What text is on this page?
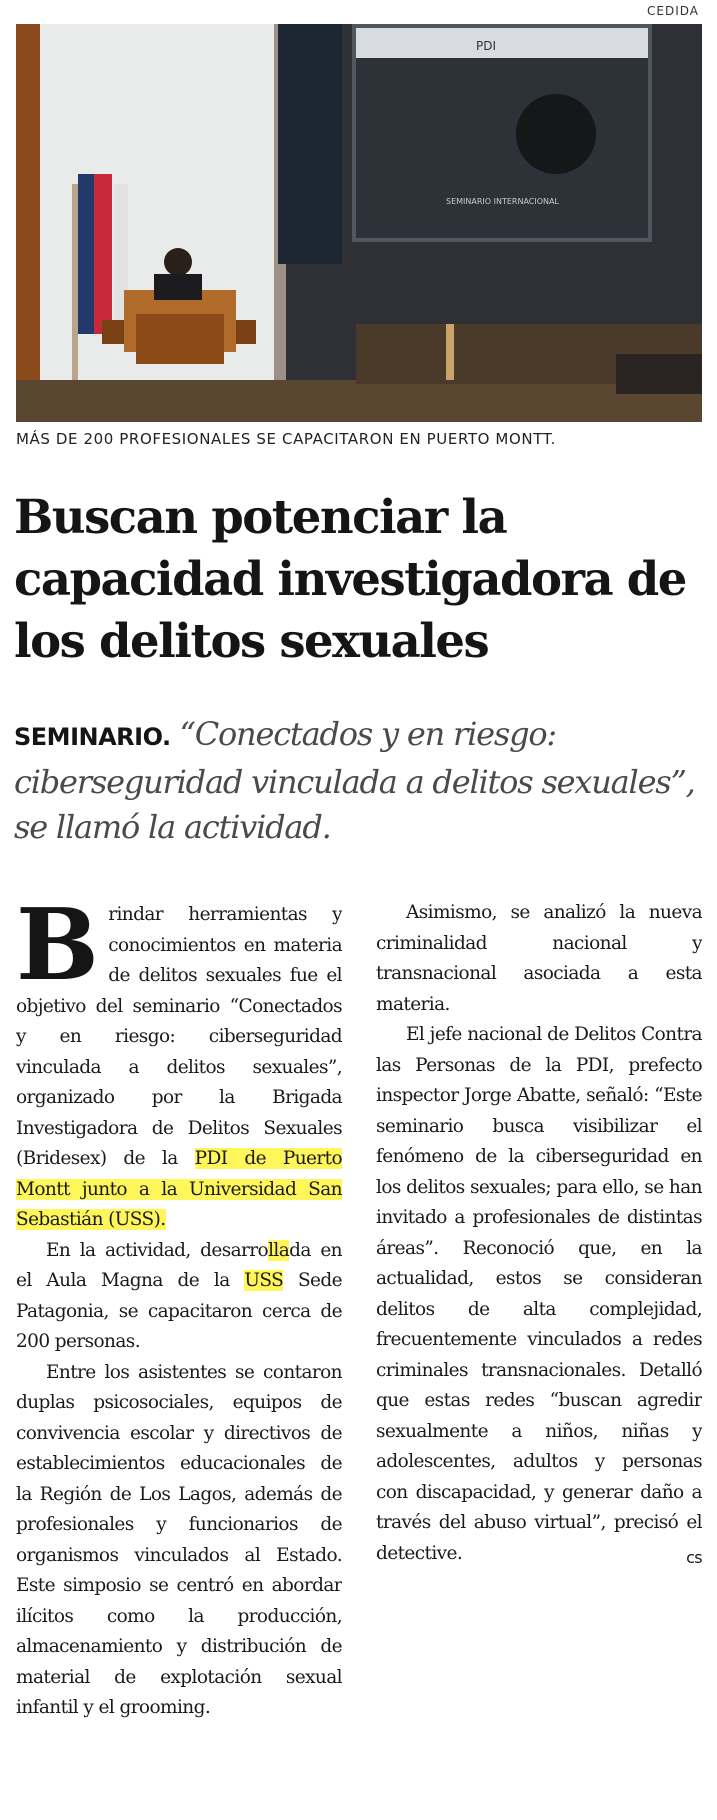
CEDIDA
PDI
SEMINARIO INTERNACIONAL
MÁS DE 200 PROFESIONALES SE CAPACITARON EN PUERTO MONTT.
Buscan potenciar la capacidad investigadora de los delitos sexuales

SEMINARIO. “Conectados y en riesgo: ciberseguridad vinculada a delitos sexuales”, se llamó la actividad.

Brindar herramientas y conocimientos en materia de delitos sexuales fue el objetivo del seminario “Conectados y en riesgo: ciberseguridad vinculada a delitos sexuales”, organizado por la Brigada Investigadora de Delitos Sexuales (Bridesex) de la PDI de Puerto Montt junto a la Universidad San Sebastián (USS).

En la actividad, desarrollada en el Aula Magna de la USS Sede Patagonia, se capacitaron cerca de 200 personas.

Entre los asistentes se contaron duplas psicosociales, equipos de convivencia escolar y directivos de establecimientos educacionales de la Región de Los Lagos, además de profesionales y funcionarios de organismos vinculados al Estado. Este simposio se centró en abordar ilícitos como la producción, almacenamiento y distribución de material de explotación sexual infantil y el grooming.

Asimismo, se analizó la nueva criminalidad nacional y transnacional asociada a esta materia.

El jefe nacional de Delitos Contra las Personas de la PDI, prefecto inspector Jorge Abatte, señaló: “Este seminario busca visibilizar el fenómeno de la ciberseguridad en los delitos sexuales; para ello, se han invitado a profesionales de distintas áreas”. Reconoció que, en la actualidad, estos se consideran delitos de alta complejidad, frecuentemente vinculados a redes criminales transnacionales. Detalló que estas redes “buscan agredir sexualmente a niños, niñas y adolescentes, adultos y personas con discapacidad, y generar daño a través del abuso virtual”, precisó el detective.	cs
